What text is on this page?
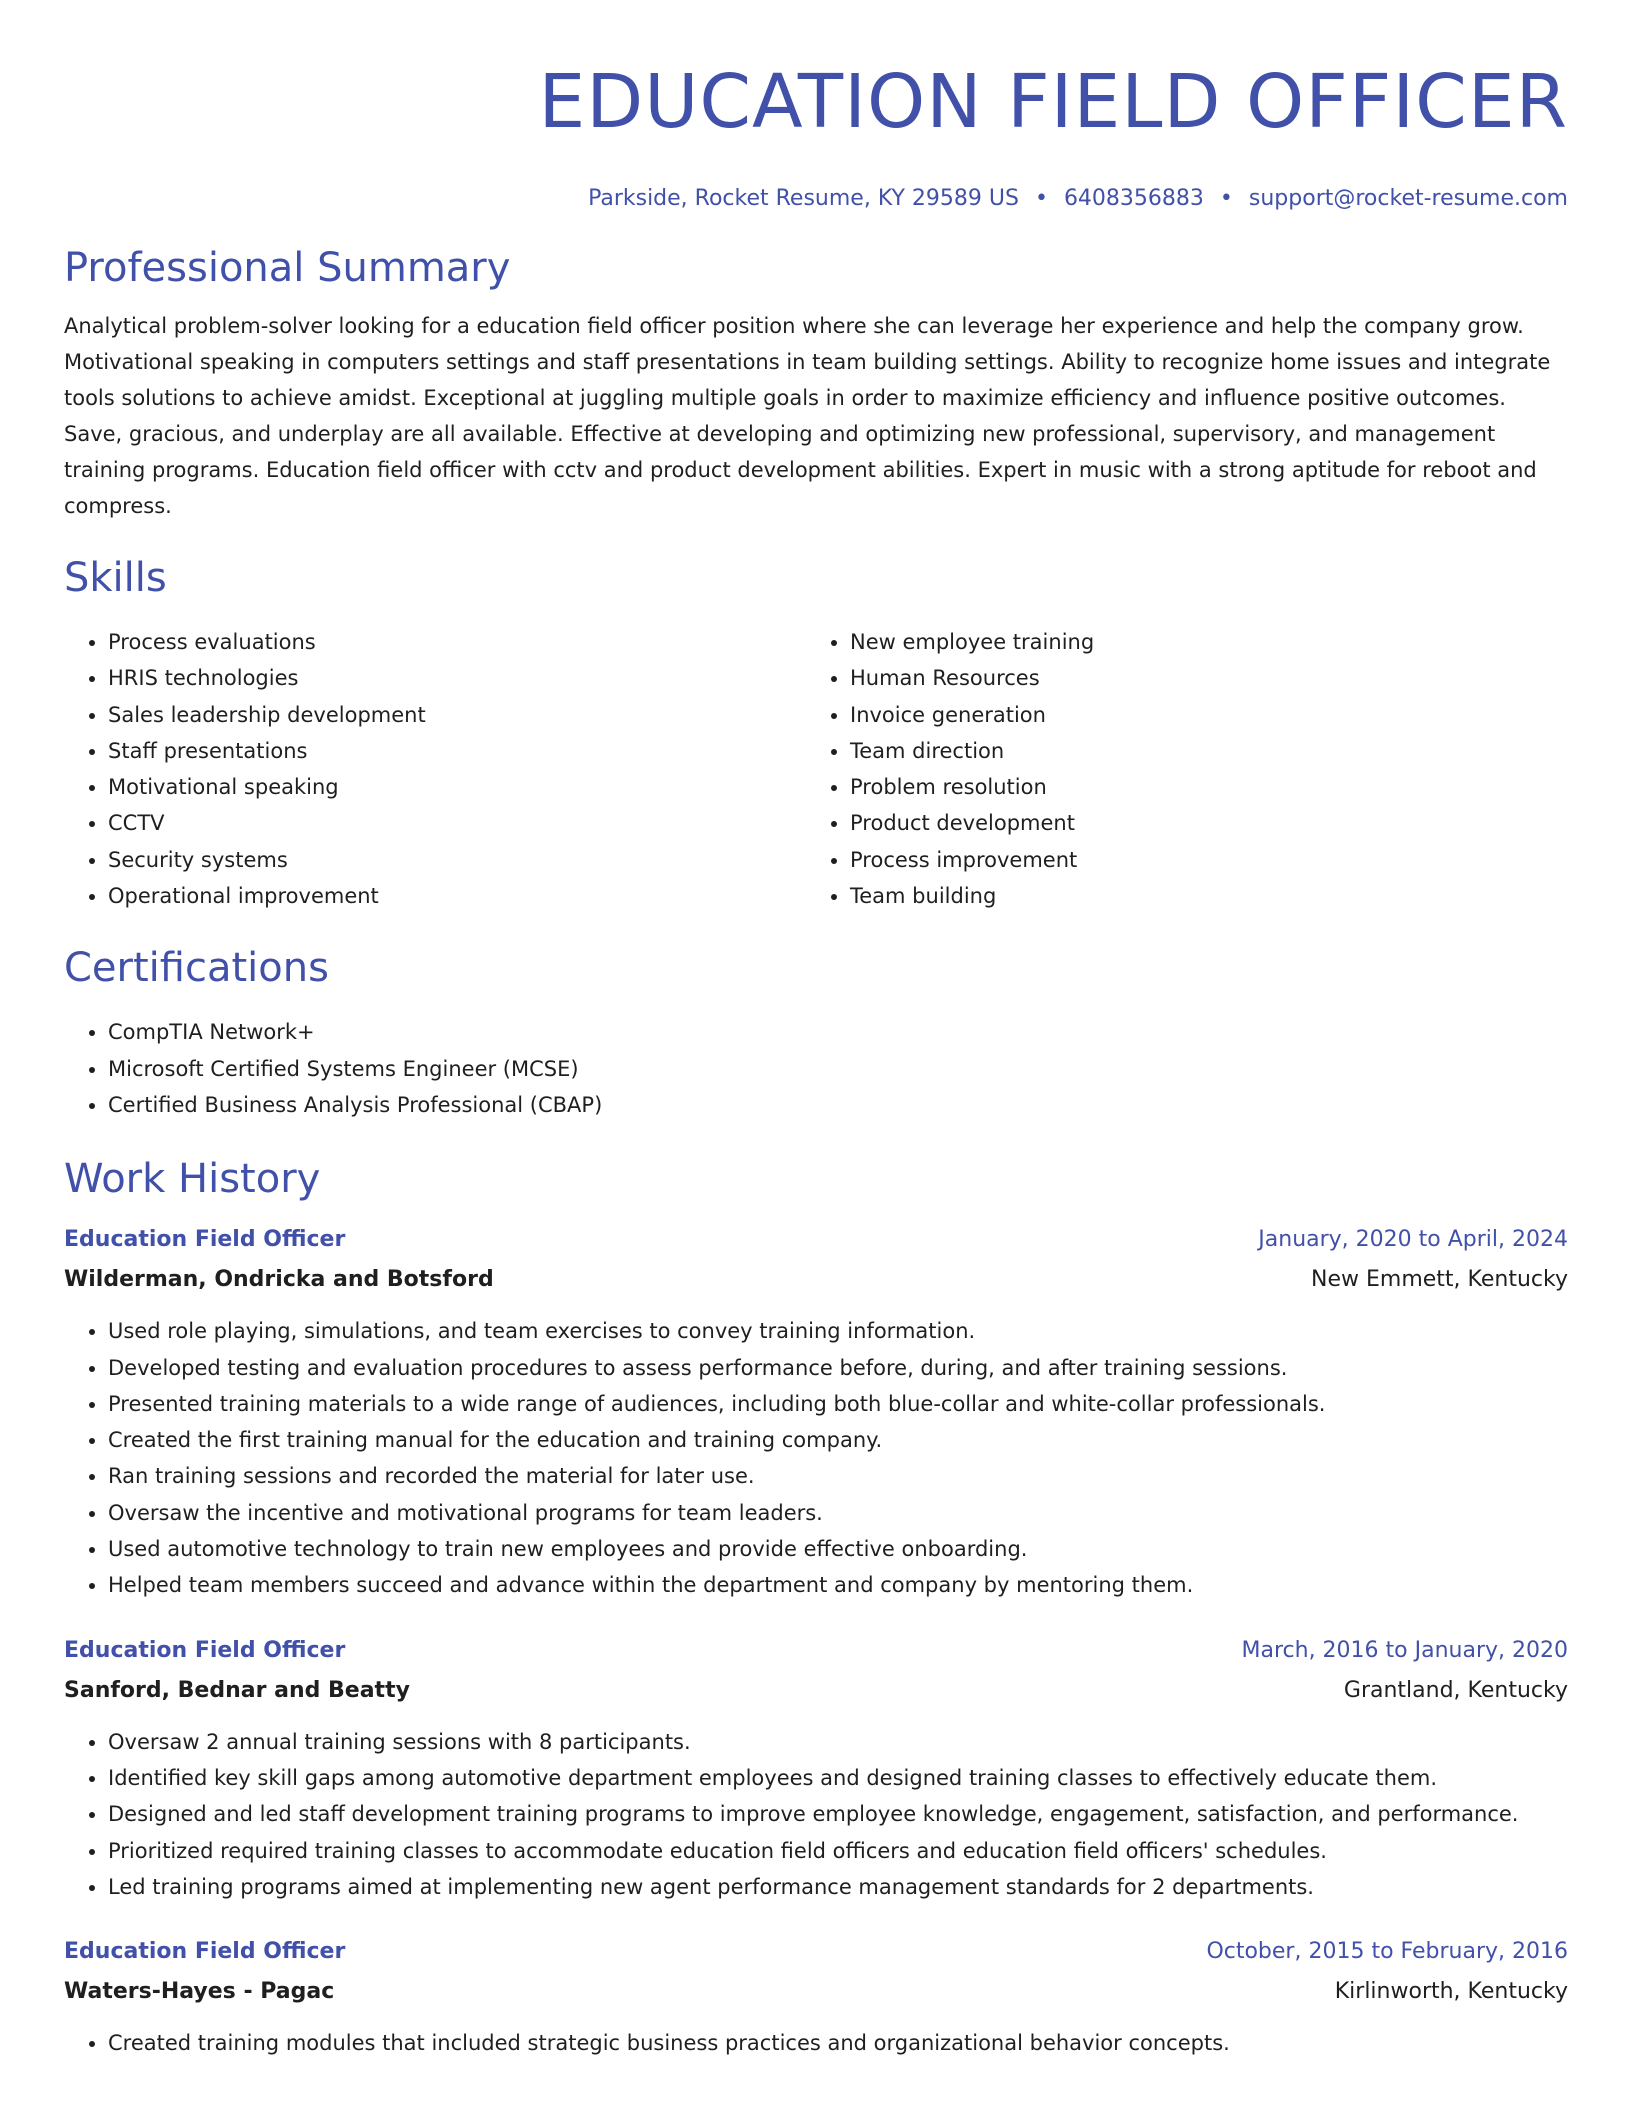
EDUCATION FIELD OFFICER
Parkside, Rocket Resume, KY 29589 US • 6408356883 • support@rocket-resume.com
Professional Summary
Analytical problem-solver looking for a education field officer position where she can leverage her experience and help the company grow. Motivational speaking in computers settings and staff presentations in team building settings. Ability to recognize home issues and integrate tools solutions to achieve amidst. Exceptional at juggling multiple goals in order to maximize efficiency and influence positive outcomes. Save, gracious, and underplay are all available. Effective at developing and optimizing new professional, supervisory, and management training programs. Education field officer with cctv and product development abilities. Expert in music with a strong aptitude for reboot and compress.
Skills
• Process evaluations
• HRIS technologies
• Sales leadership development
• Staff presentations
• Motivational speaking
• CCTV
• Security systems
• Operational improvement
• New employee training
• Human Resources
• Invoice generation
• Team direction
• Problem resolution
• Product development
• Process improvement
• Team building
Certifications
• CompTIA Network+
• Microsoft Certified Systems Engineer (MCSE)
• Certified Business Analysis Professional (CBAP)
Work History
Education Field Officer	January, 2020 to April, 2024
Wilderman, Ondricka and Botsford	New Emmett, Kentucky
• Used role playing, simulations, and team exercises to convey training information.
• Developed testing and evaluation procedures to assess performance before, during, and after training sessions.
• Presented training materials to a wide range of audiences, including both blue-collar and white-collar professionals.
• Created the first training manual for the education and training company.
• Ran training sessions and recorded the material for later use.
• Oversaw the incentive and motivational programs for team leaders.
• Used automotive technology to train new employees and provide effective onboarding.
• Helped team members succeed and advance within the department and company by mentoring them.
Education Field Officer	March, 2016 to January, 2020
Sanford, Bednar and Beatty	Grantland, Kentucky
• Oversaw 2 annual training sessions with 8 participants.
• Identified key skill gaps among automotive department employees and designed training classes to effectively educate them.
• Designed and led staff development training programs to improve employee knowledge, engagement, satisfaction, and performance.
• Prioritized required training classes to accommodate education field officers and education field officers' schedules.
• Led training programs aimed at implementing new agent performance management standards for 2 departments.
Education Field Officer	October, 2015 to February, 2016
Waters-Hayes - Pagac	Kirlinworth, Kentucky
• Created training modules that included strategic business practices and organizational behavior concepts.
